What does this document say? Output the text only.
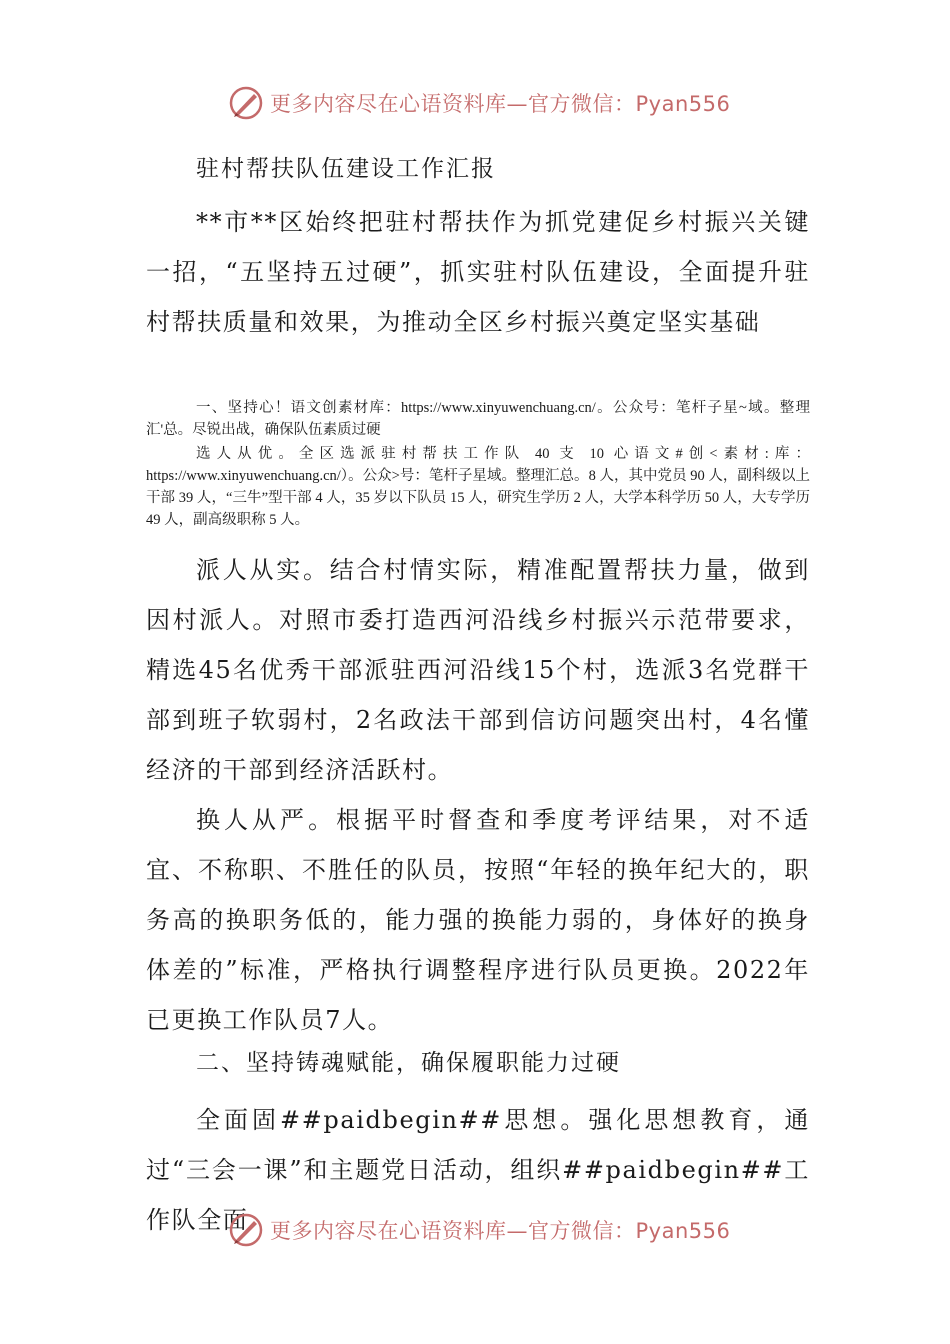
更多内容尽在心语资料库—官方微信：Pyan556
驻村帮扶队伍建设工作汇报

**市**区始终把驻村帮扶作为抓党建促乡村振兴关键一招，“五坚持五过硬”，抓实驻村队伍建设，全面提升驻村帮扶质量和效果，为推动全区乡村振兴奠定坚实基础

一、坚持心！语文创素材库：https://www.xinyuwenchuang.cn/。公众号：笔杆子星~域。整理汇'总。尽锐出战，确保队伍素质过硬

选人从优。全区选派驻村帮扶工作队 40 支 10 心语文#创<素材:库：https://www.xinyuwenchuang.cn/）。公众>号：笔杆子星域。整理汇总。8 人，其中党员 90 人，副科级以上干部 39 人，“三牛”型干部 4 人，35 岁以下队员 15 人，研究生学历 2 人，大学本科学历 50 人，大专学历 49 人，副高级职称 5 人。

派人从实。结合村情实际，精准配置帮扶力量，做到因村派人。对照市委打造西河沿线乡村振兴示范带要求，精选45名优秀干部派驻西河沿线15个村，选派3名党群干部到班子软弱村，2名政法干部到信访问题突出村，4名懂经济的干部到经济活跃村。

换人从严。根据平时督查和季度考评结果，对不适宜、不称职、不胜任的队员，按照“年轻的换年纪大的，职务高的换职务低的，能力强的换能力弱的，身体好的换身体差的”标准，严格执行调整程序进行队员更换。2022年已更换工作队员7人。

二、坚持铸魂赋能，确保履职能力过硬

全面固##paidbegin##思想。强化思想教育，通过“三会一课”和主题党日活动，组织##paidbegin##工作队全面	更多内容尽在心语资料库—官方微信：Pyan556
